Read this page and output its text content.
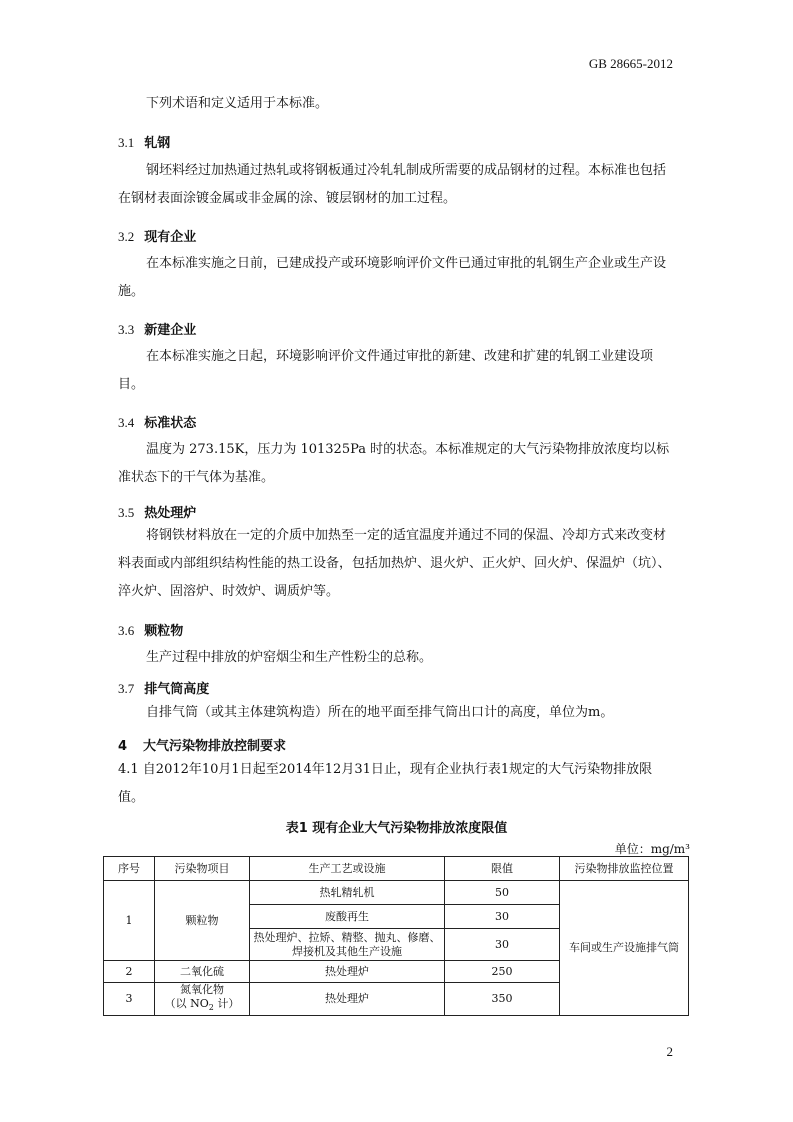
GB 28665-2012
下列术语和定义适用于本标准。
3.1 轧钢
钢坯料经过加热通过热轧或将钢板通过冷轧轧制成所需要的成品钢材的过程。本标准也包括在钢材表面涂镀金属或非金属的涂、镀层钢材的加工过程。
3.2 现有企业
在本标准实施之日前，已建成投产或环境影响评价文件已通过审批的轧钢生产企业或生产设施。
3.3 新建企业
在本标准实施之日起，环境影响评价文件通过审批的新建、改建和扩建的轧钢工业建设项目。
3.4 标准状态
温度为 273.15K，压力为 101325Pa 时的状态。本标准规定的大气污染物排放浓度均以标准状态下的干气体为基准。
3.5 热处理炉
将钢铁材料放在一定的介质中加热至一定的适宜温度并通过不同的保温、冷却方式来改变材料表面或内部组织结构性能的热工设备，包括加热炉、退火炉、正火炉、回火炉、保温炉（坑）、淬火炉、固溶炉、时效炉、调质炉等。
3.6 颗粒物
生产过程中排放的炉窑烟尘和生产性粉尘的总称。
3.7 排气筒高度
自排气筒（或其主体建筑构造）所在的地平面至排气筒出口计的高度，单位为m。
4 大气污染物排放控制要求
4.1 自2012年10月1日起至2014年12月31日止，现有企业执行表1规定的大气污染物排放限值。
表1 现有企业大气污染物排放浓度限值
单位：mg/m³
序号	污染物项目	生产工艺或设施	限值	污染物排放监控位置
1	颗粒物	热轧精轧机	50	车间或生产设施排气筒
		废酸再生	30	
		热处理炉、拉矫、精整、抛丸、修磨、焊接机及其他生产设施	30	
2	二氧化硫	热处理炉	250	
3	氮氧化物
（以 $NO_2$ 计）	热处理炉	350	
2
